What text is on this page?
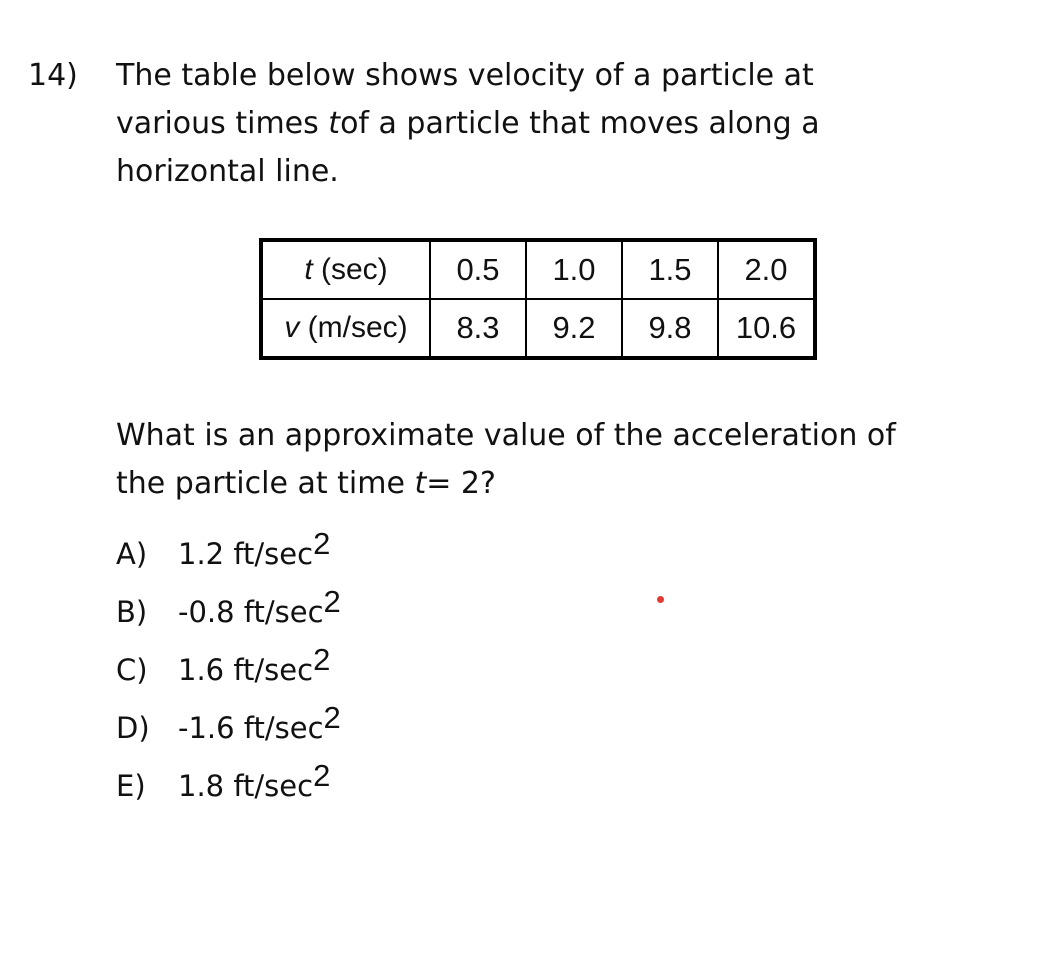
14) The table below shows velocity of a particle at
various times tof a particle that moves along a
horizontal line.
t (sec)	0.5	1.0	1.5	2.0
v (m/sec)	8.3	9.2	9.8	10.6
What is an approximate value of the acceleration of
the particle at time t= 2?
A) 1.2 $ft/\sec^2$
B) -0.8 $ft/\sec^2$
C) 1.6 $ft/\sec^2$
D) -1.6 $ft/\sec^2$
E) 1.8 $ft/\sec^2$
